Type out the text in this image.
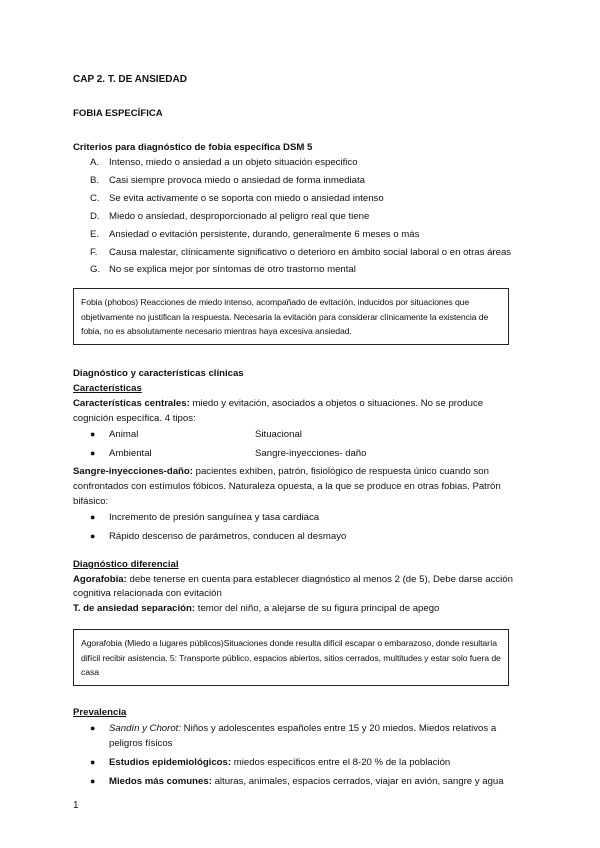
CAP 2. T. DE ANSIEDAD

FOBIA ESPECÍFICA

Criterios para diagnóstico de fobia específica DSM 5

A.	Intenso, miedo o ansiedad a un objeto situación especifico
B.	Casi siempre provoca miedo o ansiedad de forma inmediata
C. Se evita activamente o se soporta con miedo o ansiedad intenso
D. Miedo o ansiedad, desproporcionado al peligro real que tiene
E.	Ansiedad o evitación persistente, durando, generalmente 6 meses o más
F.	Causa malestar, clínicamente significativo o deterioro en ámbito social laboral o en otras áreas
G. No se explica mejor por síntomas de otro trastorno mental
Fobia (phobos) Reacciones de miedo intenso, acompañado de evitación, inducidos por situaciones que objetivamente no justifican la respuesta. Necesaria la evitación para considerar clínicamente la existencia de fobia, no es absolutamente necesario mientras haya excesiva ansiedad.

Diagnóstico y características clínicas

Características

Características centrales: miedo y evitación, asociados a objetos o situaciones. No se produce cognición específica. 4 tipos:

●	Animal	Situacional
●	Ambiental	Sangre-inyecciones- daño

Sangre-inyecciones-daño: pacientes exhiben, patrón, fisiológico de respuesta único cuando son confrontados con estímulos fóbicos. Naturaleza opuesta, a la que se produce en otras fobias. Patrón bifásico:

●	Incremento de presión sanguínea y tasa cardiaca
●	Rápido descenso de parámetros, conducen al desmayo

Diagnóstico diferencial

Agorafobia: debe tenerse en cuenta para establecer diagnóstico al menos 2 (de 5), Debe darse acción cognitiva relacionada con evitación

T. de ansiedad separación: temor del niño, a alejarse de su figura principal de apego

Agorafobia (Miedo a lugares públicos)Situaciones donde resulta difícil escapar o embarazoso, donde resultaría difícil recibir asistencia. 5: Transporte público, espacios abiertos, sitios cerrados, multitudes y estar solo fuera de casa

Prevalencia

●	Sandín y Chorot: Niños y adolescentes españoles entre 15 y 20 miedos. Miedos relativos a peligros físicos
●	Estudios epidemiológicos: miedos específicos entre el 8-20 % de la población
●	Miedos más comunes: alturas, animales, espacios cerrados, viajar en avión, sangre y agua
1
